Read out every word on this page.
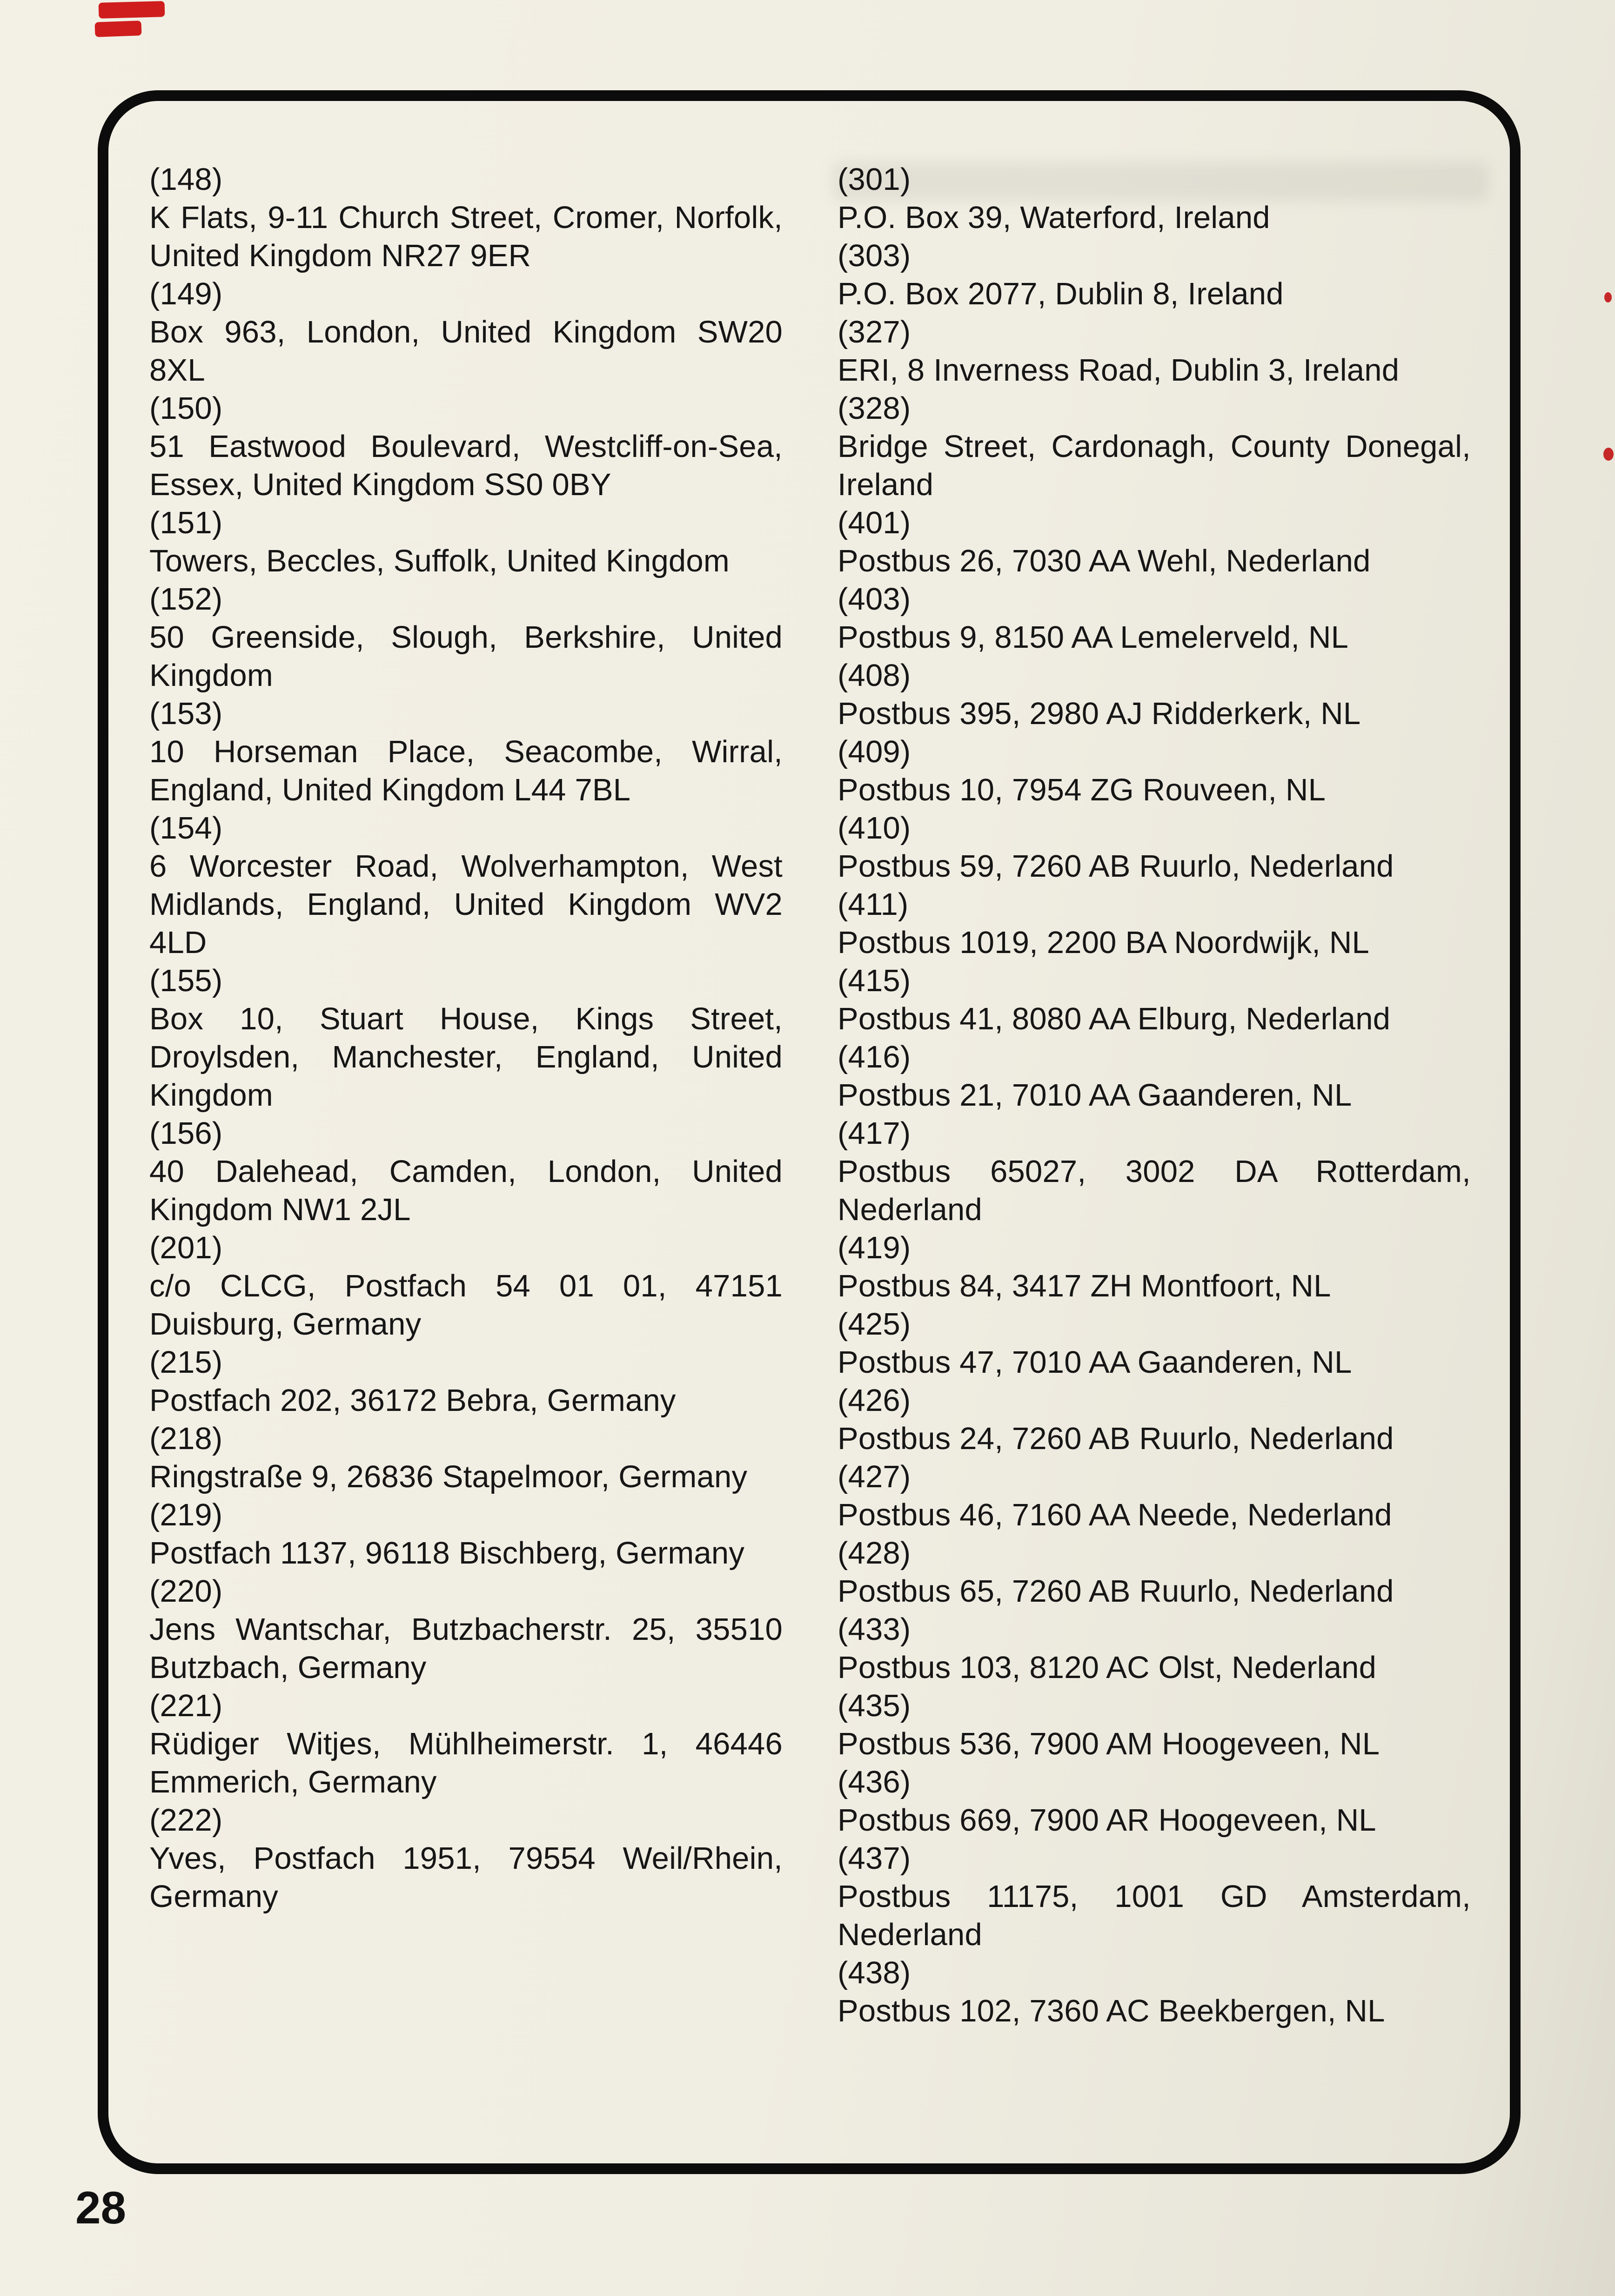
(148)
K Flats, 9-11 Church Street, Cromer, Norfolk, United Kingdom NR27 9ER
(149)
Box 963, London, United Kingdom SW20 8XL
(150)
51 Eastwood Boulevard, Westcliff-on-Sea, Essex, United Kingdom SS0 0BY
(151)
Towers, Beccles, Suffolk, United Kingdom
(152)
50 Greenside, Slough, Berkshire, United Kingdom
(153)
10 Horseman Place, Seacombe, Wirral, England, United Kingdom L44 7BL
(154)
6 Worcester Road, Wolverhampton, West Midlands, England, United Kingdom WV2 4LD
(155)
Box 10, Stuart House, Kings Street, Droylsden, Manchester, England, United Kingdom
(156)
40 Dalehead, Camden, London, United Kingdom NW1 2JL
(201)
c/o CLCG, Postfach 54 01 01, 47151 Duisburg, Germany
(215)
Postfach 202, 36172 Bebra, Germany
(218)
Ringstraße 9, 26836 Stapelmoor, Germany
(219)
Postfach 1137, 96118 Bischberg, Germany
(220)
Jens Wantschar, Butzbacherstr. 25, 35510 Butzbach, Germany
(221)
Rüdiger Witjes, Mühlheimerstr. 1, 46446 Emmerich, Germany
(222)
Yves, Postfach 1951, 79554 Weil/Rhein, Germany
(301)
P.O. Box 39, Waterford, Ireland
(303)
P.O. Box 2077, Dublin 8, Ireland
(327)
ERI, 8 Inverness Road, Dublin 3, Ireland
(328)
Bridge Street, Cardonagh, County Donegal, Ireland
(401)
Postbus 26, 7030 AA Wehl, Nederland
(403)
Postbus 9, 8150 AA Lemelerveld, NL
(408)
Postbus 395, 2980 AJ Ridderkerk, NL
(409)
Postbus 10, 7954 ZG Rouveen, NL
(410)
Postbus 59, 7260 AB Ruurlo, Nederland
(411)
Postbus 1019, 2200 BA Noordwijk, NL
(415)
Postbus 41, 8080 AA Elburg, Nederland
(416)
Postbus 21, 7010 AA Gaanderen, NL
(417)
Postbus 65027, 3002 DA Rotterdam, Nederland
(419)
Postbus 84, 3417 ZH Montfoort, NL
(425)
Postbus 47, 7010 AA Gaanderen, NL
(426)
Postbus 24, 7260 AB Ruurlo, Nederland
(427)
Postbus 46, 7160 AA Neede, Nederland
(428)
Postbus 65, 7260 AB Ruurlo, Nederland
(433)
Postbus 103, 8120 AC Olst, Nederland
(435)
Postbus 536, 7900 AM Hoogeveen, NL
(436)
Postbus 669, 7900 AR Hoogeveen, NL
(437)
Postbus 11175, 1001 GD Amsterdam, Nederland
(438)
Postbus 102, 7360 AC Beekbergen, NL
28
